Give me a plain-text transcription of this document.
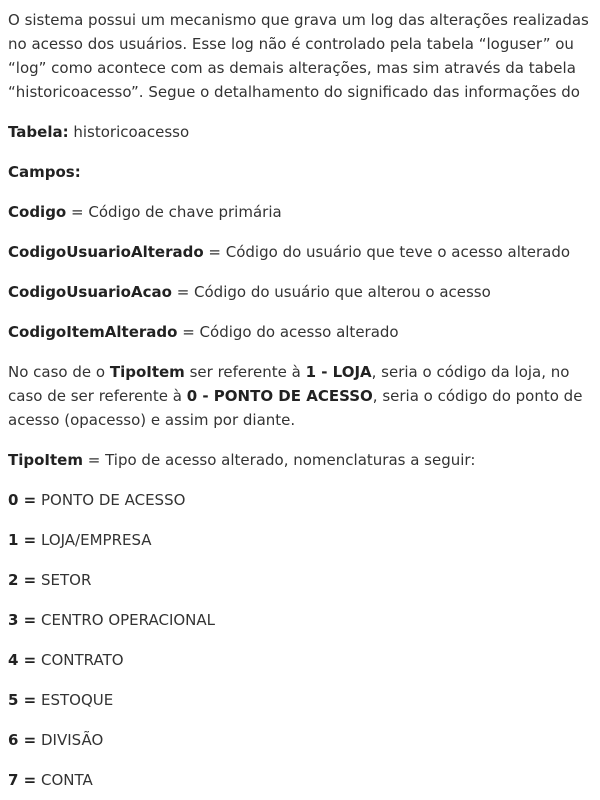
O sistema possui um mecanismo que grava um log das alterações realizadas no acesso dos usuários. Esse log não é controlado pela tabela “loguser” ou “log” como acontece com as demais alterações, mas sim através da tabela “historicoacesso”. Segue o detalhamento do significado das informações do

Tabela: historicoacesso

Campos:

Codigo = Código de chave primária

CodigoUsuarioAlterado = Código do usuário que teve o acesso alterado

CodigoUsuarioAcao = Código do usuário que alterou o acesso

CodigoItemAlterado = Código do acesso alterado

No caso de o TipoItem ser referente à 1 - LOJA, seria o código da loja, no caso de ser referente à 0 - PONTO DE ACESSO, seria o código do ponto de acesso (opacesso) e assim por diante.

TipoItem = Tipo de acesso alterado, nomenclaturas a seguir:

0 = PONTO DE ACESSO

1 = LOJA/EMPRESA

2 = SETOR

3 = CENTRO OPERACIONAL

4 = CONTRATO

5 = ESTOQUE

6 = DIVISÃO

7 = CONTA
